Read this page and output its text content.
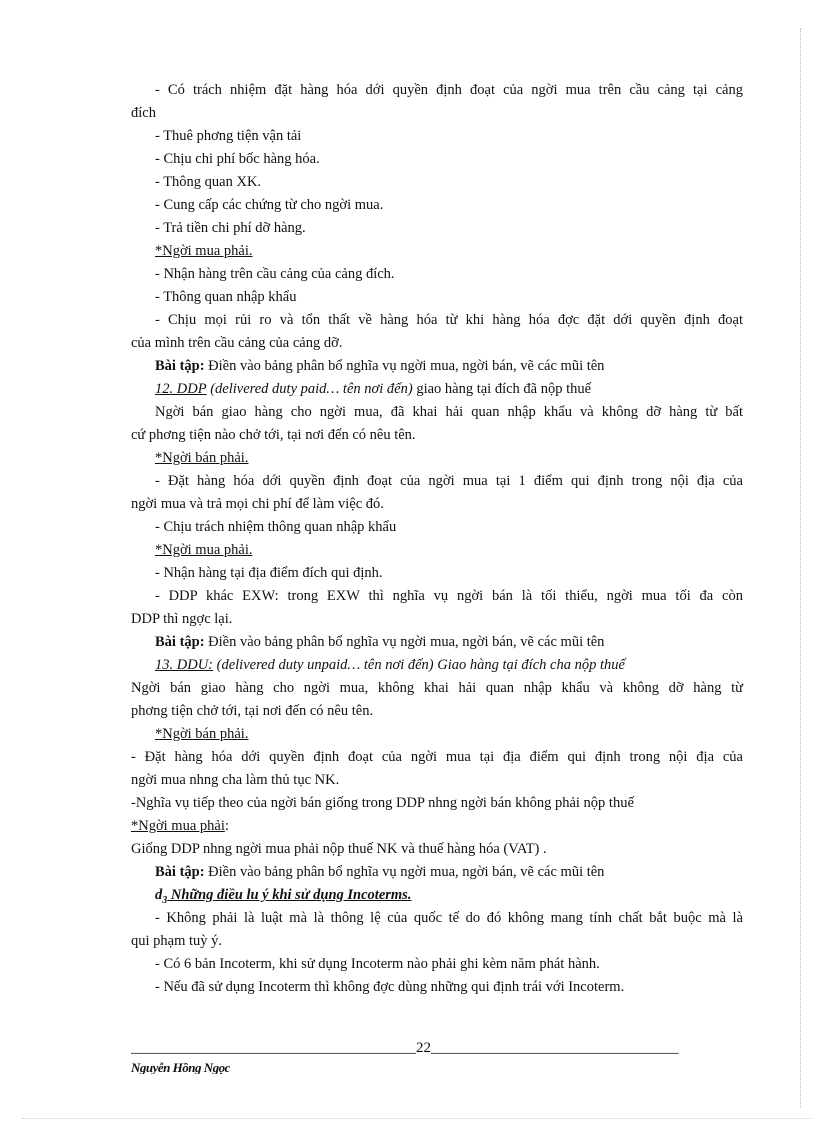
- Có trách nhiệm đặt hàng hóa dới quyền định đoạt của ngời mua trên cầu cảng tại cảng
đích
- Thuê phơng tiện vận tải
- Chịu chi phí bốc hàng hóa.
- Thông quan XK.
- Cung cấp các chứng từ cho ngời mua.
- Trả tiền chi phí dỡ hàng.
*Ngời mua phải.
- Nhận hàng trên cầu cảng của cảng đích.
- Thông quan nhập khẩu
- Chịu mọi rủi ro và tổn thất về hàng hóa từ khi hàng hóa đợc đặt dới quyền định đoạt
của mình trên cầu cảng của cảng dỡ.
Bài tập: Điền vào bảng phân bổ nghĩa vụ ngời mua, ngời bán, vẽ các mũi tên
12. DDP (delivered duty paid… tên nơi đến) giao hàng tại đích đã nộp thuế
Ngời bán giao hàng cho ngời mua, đã khai hải quan nhập khẩu và không dỡ hàng từ bất
cứ phơng tiện nào chở tới, tại nơi đến có nêu tên.
*Ngời bán phải.
- Đặt hàng hóa dới quyền định đoạt của ngời mua tại 1 điểm qui định trong nội địa của
ngời mua và trả mọi chi phí để làm việc đó.
- Chịu trách nhiệm thông quan nhập khẩu
*Ngời mua phải.
- Nhận hàng tại địa điểm đích qui định.
- DDP khác EXW: trong EXW thì nghĩa vụ ngời bán là tối thiểu, ngời mua tối đa còn
DDP thì ngợc lại.
Bài tập: Điền vào bảng phân bổ nghĩa vụ ngời mua, ngời bán, vẽ các mũi tên
13. DDU: (delivered duty unpaid… tên nơi đến) Giao hàng tại đích cha nộp thuế
Ngời bán giao hàng cho ngời mua, không khai hải quan nhập khẩu và không dỡ hàng từ
phơng tiện chở tới, tại nơi đến có nêu tên.
*Ngời bán phải.
- Đặt hàng hóa dới quyền định đoạt của ngời mua tại địa điểm qui định trong nội địa của
ngời mua nhng cha làm thủ tục NK.
-Nghĩa vụ tiếp theo của ngời bán giống trong DDP nhng ngời bán không phải nộp thuế
*Ngời mua phải:
Giống DDP nhng ngời mua phải nộp thuế NK và thuế hàng hóa (VAT) .
Bài tập: Điền vào bảng phân bổ nghĩa vụ ngời mua, ngời bán, vẽ các mũi tên
$d_3$ Những điều lu ý khi sử dụng Incoterms.
- Không phải là luật mà là thông lệ của quốc tế do đó không mang tính chất bắt buộc mà là
qui phạm tuỳ ý.
- Có 6 bản Incoterm, khi sử dụng Incoterm nào phải ghi kèm năm phát hành.
- Nếu đã sử dụng Incoterm thì không đợc dùng những qui định trái với Incoterm.
______________________________________22_________________________________
Nguyễn Hồng Ngọc
